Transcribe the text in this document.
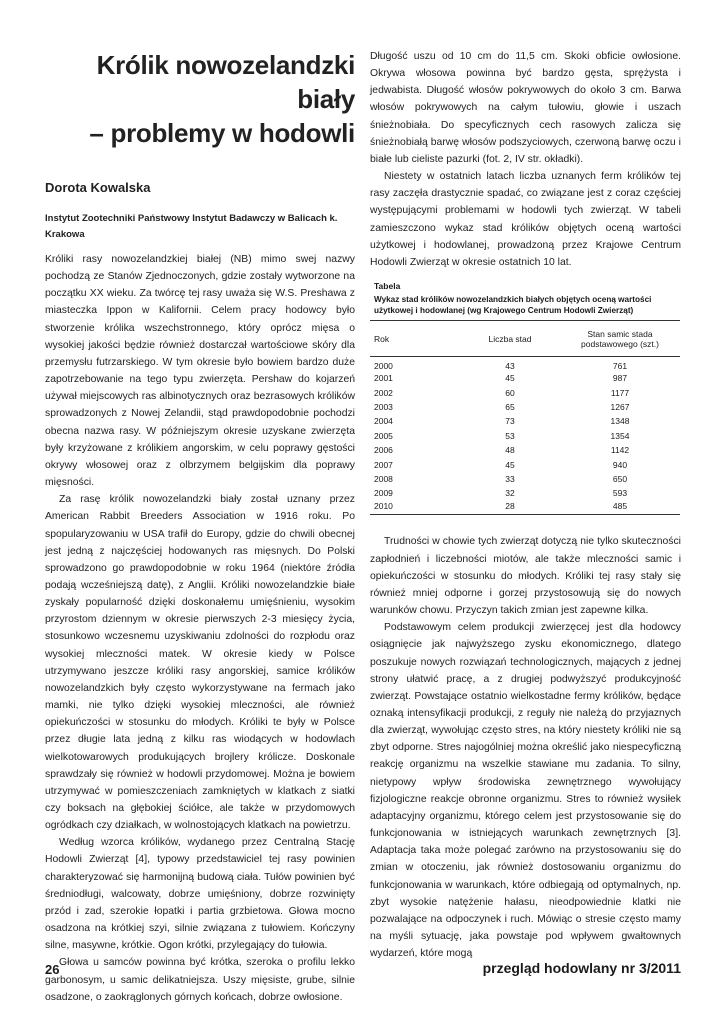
Królik nowozelandzki biały
– problemy w hodowli
Dorota Kowalska
Instytut Zootechniki Państwowy Instytut Badawczy w Balicach k. Krakowa

Króliki rasy nowozelandzkiej białej (NB) mimo swej nazwy pochodzą ze Stanów Zjednoczonych, gdzie zostały wytworzone na początku XX wieku. Za twórcę tej rasy uważa się W.S. Preshawa z miasteczka Ippon w Kalifornii. Celem pracy hodowcy było stworzenie królika wszechstronnego, który oprócz mięsa o wysokiej jakości będzie również dostarczał wartościowe skóry dla przemysłu futrzarskiego. W tym okresie było bowiem bardzo duże zapotrzebowanie na tego typu zwierzęta. Pershaw do kojarzeń używał miejscowych ras albinotycznych oraz bezrasowych królików sprowadzonych z Nowej Zelandii, stąd prawdopodobnie pochodzi obecna nazwa rasy. W późniejszym okresie uzyskane zwierzęta były krzyżowane z królikiem angorskim, w celu poprawy gęstości okrywy włosowej oraz z olbrzymem belgijskim dla poprawy mięsności.

Za rasę królik nowozelandzki biały został uznany przez American Rabbit Breeders Association w 1916 roku. Po spopularyzowaniu w USA trafił do Europy, gdzie do chwili obecnej jest jedną z najczęściej hodowanych ras mięsnych. Do Polski sprowadzono go prawdopodobnie w roku 1964 (niektóre źródła podają wcześniejszą datę), z Anglii. Króliki nowozelandzkie białe zyskały popularność dzięki doskonałemu umięśnieniu, wysokim przyrostom dziennym w okresie pierwszych 2-3 miesięcy życia, stosunkowo wczesnemu uzyskiwaniu zdolności do rozpłodu oraz wysokiej mleczności matek. W okresie kiedy w Polsce utrzymywano jeszcze króliki rasy angorskiej, samice królików nowozelandzkich były często wykorzystywane na fermach jako mamki, nie tylko dzięki wysokiej mleczności, ale również opiekuńczości w stosunku do młodych. Króliki te były w Polsce przez długie lata jedną z kilku ras wiodących w hodowlach wielkotowarowych produkujących brojlery królicze. Doskonale sprawdzały się również w hodowli przydomowej. Można je bowiem utrzymywać w pomieszczeniach zamkniętych w klatkach z siatki czy boksach na głębokiej ściółce, ale także w przydomowych ogródkach czy działkach, w wolnostojących klatkach na powietrzu.

Według wzorca królików, wydanego przez Centralną Stację Hodowli Zwierząt [4], typowy przedstawiciel tej rasy powinien charakteryzować się harmonijną budową ciała. Tułów powinien być średniodługi, walcowaty, dobrze umięśniony, dobrze rozwinięty przód i zad, szerokie łopatki i partia grzbietowa. Głowa mocno osadzona na krótkiej szyi, silnie związana z tułowiem. Kończyny silne, masywne, krótkie. Ogon krótki, przylegający do tułowia.

Głowa u samców powinna być krótka, szeroka o profilu lekko garbonosym, u samic delikatniejsza. Uszy mięsiste, grube, silnie osadzone, o zaokrąglonych górnych końcach, dobrze owłosione.

Długość uszu od 10 cm do 11,5 cm. Skoki obficie owłosione. Okrywa włosowa powinna być bardzo gęsta, sprężysta i jedwabista. Długość włosów pokrywowych do około 3 cm. Barwa włosów pokrywowych na całym tułowiu, głowie i uszach śnieżnobiała. Do specyficznych cech rasowych zalicza się śnieżnobiałą barwę włosów podszyciowych, czerwoną barwę oczu i białe lub cieliste pazurki (fot. 2, IV str. okładki).

Niestety w ostatnich latach liczba uznanych ferm królików tej rasy zaczęła drastycznie spadać, co związane jest z coraz częściej występującymi problemami w hodowli tych zwierząt. W tabeli zamieszczono wykaz stad królików objętych oceną wartości użytkowej i hodowlanej, prowadzoną przez Krajowe Centrum Hodowli Zwierząt w okresie ostatnich 10 lat.

Tabela
Wykaz stad królików nowozelandzkich białych objętych oceną wartości użytkowej i hodowlanej (wg Krajowego Centrum Hodowli Zwierząt)
Rok	Liczba stad	Stan samic stada podstawowego (szt.)
2000	43	761
2001	45	987
2002	60	1177
2003	65	1267
2004	73	1348
2005	53	1354
2006	48	1142
2007	45	940
2008	33	650
2009	32	593
2010	28	485

Trudności w chowie tych zwierząt dotyczą nie tylko skuteczności zapłodnień i liczebności miotów, ale także mleczności samic i opiekuńczości w stosunku do młodych. Króliki tej rasy stały się również mniej odporne i gorzej przystosowują się do nowych warunków chowu. Przyczyn takich zmian jest zapewne kilka.

Podstawowym celem produkcji zwierzęcej jest dla hodowcy osiągnięcie jak najwyższego zysku ekonomicznego, dlatego poszukuje nowych rozwiązań technologicznych, mających z jednej strony ułatwić pracę, a z drugiej podwyższyć produkcyjność zwierząt. Powstające ostatnio wielkostadne fermy królików, będące oznaką intensyfikacji produkcji, z reguły nie należą do przyjaznych dla zwierząt, wywołując często stres, na który niestety króliki nie są zbyt odporne. Stres najogólniej można określić jako niespecyficzną reakcję organizmu na wszelkie stawiane mu zadania. To silny, nietypowy wpływ środowiska zewnętrznego wywołujący fizjologiczne reakcje obronne organizmu. Stres to również wysiłek adaptacyjny organizmu, którego celem jest przystosowanie się do funkcjonowania w istniejących warunkach zewnętrznych [3]. Adaptacja taka może polegać zarówno na przystosowaniu się do zmian w otoczeniu, jak również dostosowaniu organizmu do funkcjonowania w warunkach, które odbiegają od optymalnych, np. zbyt wysokie natężenie hałasu, nieodpowiednie klatki nie pozwalające na odpoczynek i ruch. Mówiąc o stresie często mamy na myśli sytuację, jaka powstaje pod wpływem gwałtownych wydarzeń, które mogą

26	przegląd hodowlany nr 3/2011
